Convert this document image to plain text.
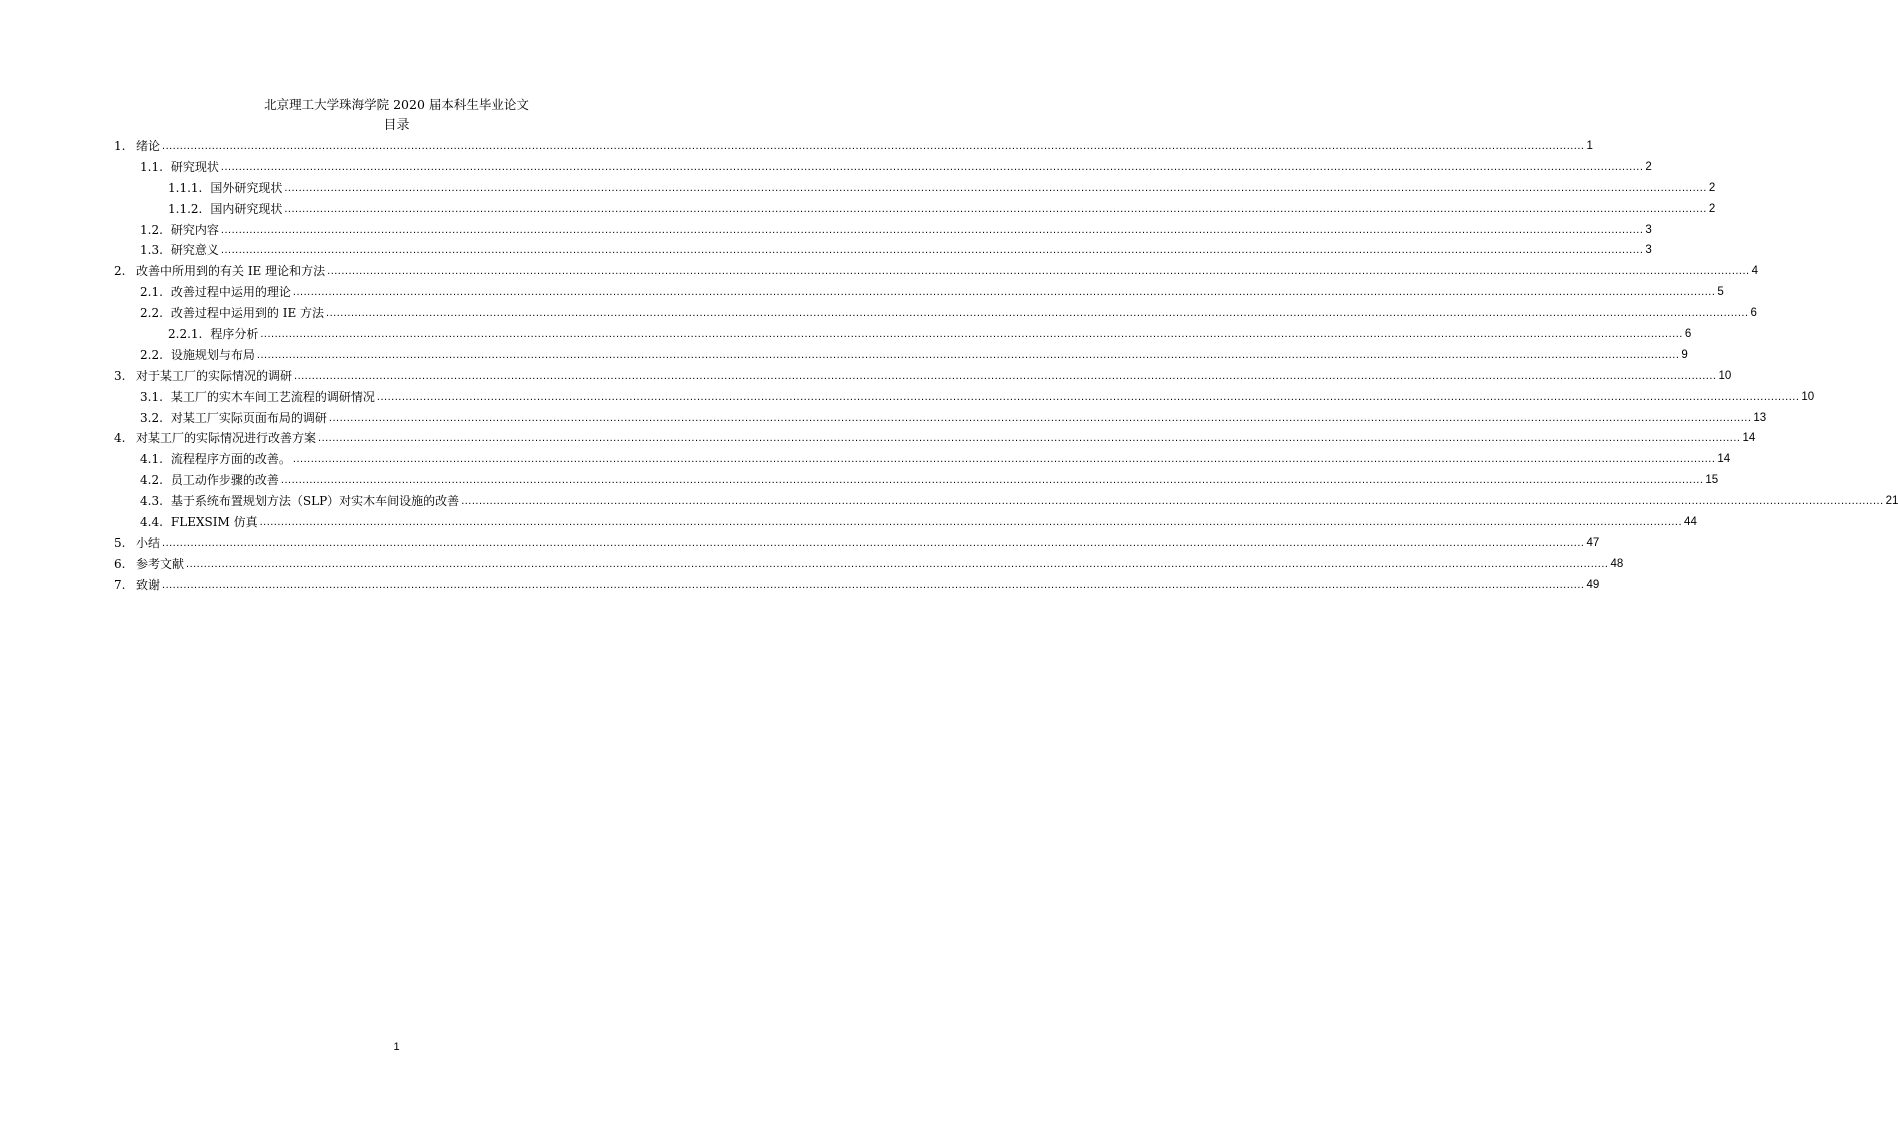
北京理工大学珠海学院 2020 届本科生毕业论文
目录
1. 绪论 ................................................................................................................................................................................................................................................................................................................................................................................................................ 1
1.1. 研究现状 ................................................................................................................................................................................................................................................................................................................................................................................................................ 2
1.1.1. 国外研究现状 ................................................................................................................................................................................................................................................................................................................................................................................................................ 2
1.1.2. 国内研究现状 ................................................................................................................................................................................................................................................................................................................................................................................................................ 2
1.2. 研究内容 ................................................................................................................................................................................................................................................................................................................................................................................................................ 3
1.3. 研究意义 ................................................................................................................................................................................................................................................................................................................................................................................................................ 3
2. 改善中所用到的有关 IE 理论和方法 ................................................................................................................................................................................................................................................................................................................................................................................................................ 4
2.1. 改善过程中运用的理论 ................................................................................................................................................................................................................................................................................................................................................................................................................ 5
2.2. 改善过程中运用到的 IE 方法 ................................................................................................................................................................................................................................................................................................................................................................................................................ 6
2.2.1. 程序分析 ................................................................................................................................................................................................................................................................................................................................................................................................................ 6
2.2. 设施规划与布局 ................................................................................................................................................................................................................................................................................................................................................................................................................ 9
3. 对于某工厂的实际情况的调研 ................................................................................................................................................................................................................................................................................................................................................................................................................ 10
3.1. 某工厂的实木车间工艺流程的调研情况 ................................................................................................................................................................................................................................................................................................................................................................................................................ 10
3.2. 对某工厂实际页面布局的调研 ................................................................................................................................................................................................................................................................................................................................................................................................................ 13
4. 对某工厂的实际情况进行改善方案 ................................................................................................................................................................................................................................................................................................................................................................................................................ 14
4.1. 流程程序方面的改善。 ................................................................................................................................................................................................................................................................................................................................................................................................................ 14
4.2. 员工动作步骤的改善 ................................................................................................................................................................................................................................................................................................................................................................................................................ 15
4.3. 基于系统布置规划方法（SLP）对实木车间设施的改善 ................................................................................................................................................................................................................................................................................................................................................................................................................ 21
4.4. FLEXSIM 仿真 ................................................................................................................................................................................................................................................................................................................................................................................................................ 44
5. 小结 ................................................................................................................................................................................................................................................................................................................................................................................................................ 47
6. 参考文献 ................................................................................................................................................................................................................................................................................................................................................................................................................ 48
7. 致谢 ................................................................................................................................................................................................................................................................................................................................................................................................................ 49
1
